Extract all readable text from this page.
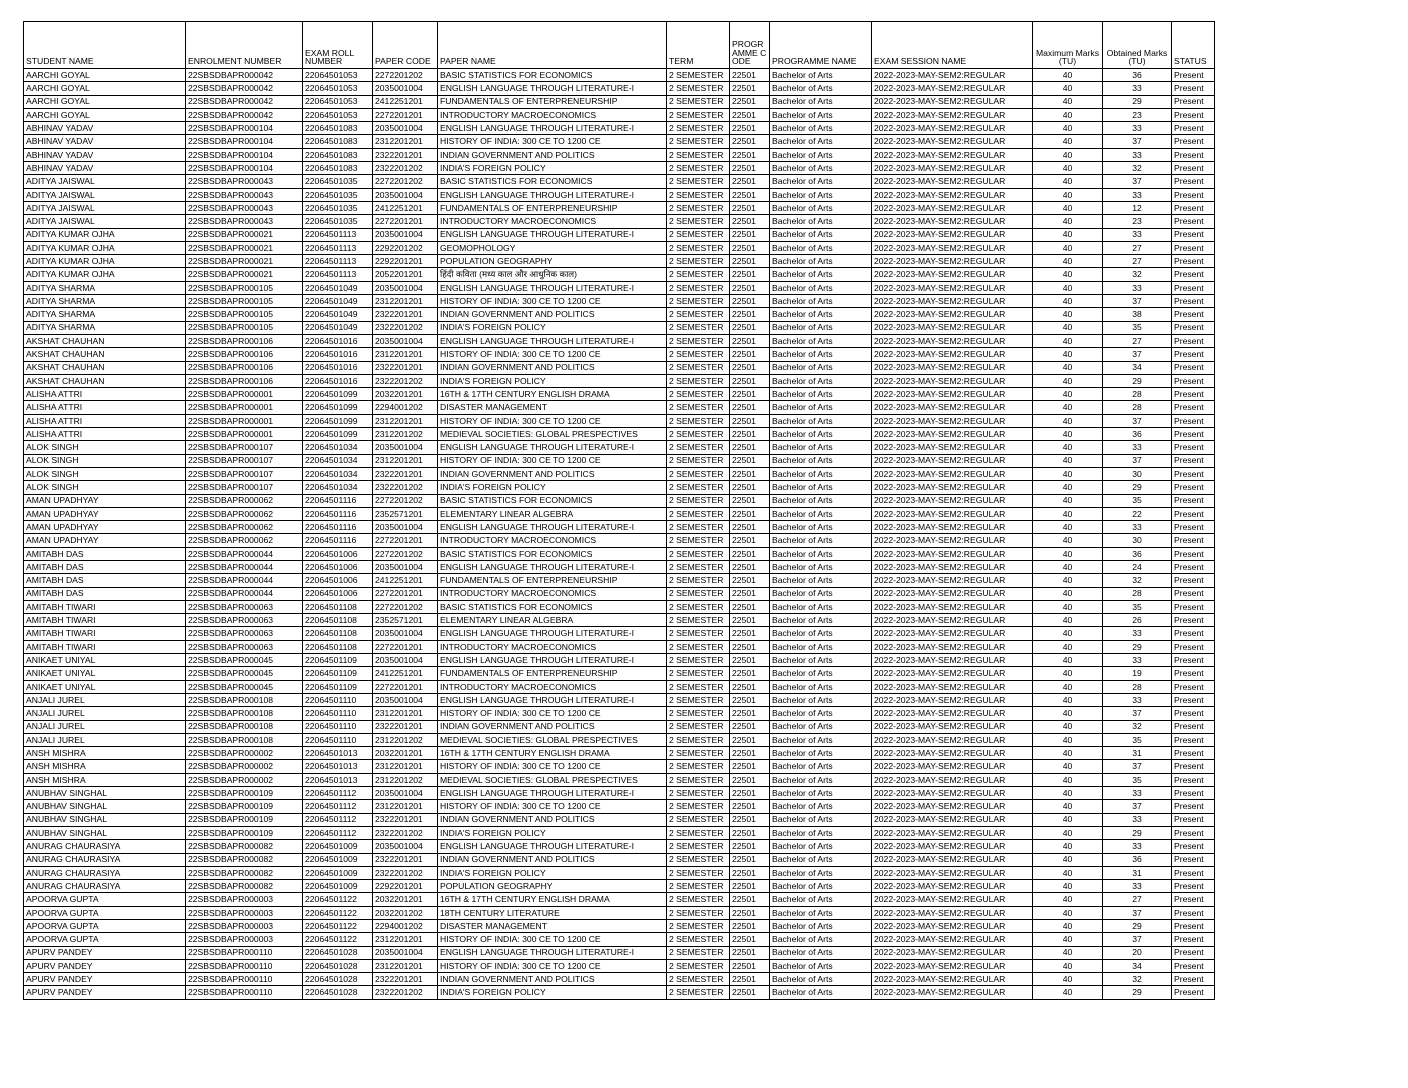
STUDENT NAME	ENROLMENT NUMBER	EXAM ROLL NUMBER	PAPER CODE	PAPER NAME	TERM	PROGR AMME CODE	PROGRAMME NAME	EXAM SESSION NAME	Maximum Marks (TU)	Obtained Marks (TU)	STATUS
AARCHI GOYAL	22SBSDBAPR000042	22064501053	2272201202	BASIC STATISTICS FOR ECONOMICS	2 SEMESTER	22501	Bachelor of Arts	2022-2023-MAY-SEM2:REGULAR	40	36	Present
AARCHI GOYAL	22SBSDBAPR000042	22064501053	2035001004	ENGLISH LANGUAGE THROUGH LITERATURE-I	2 SEMESTER	22501	Bachelor of Arts	2022-2023-MAY-SEM2:REGULAR	40	33	Present
AARCHI GOYAL	22SBSDBAPR000042	22064501053	2412251201	FUNDAMENTALS OF ENTERPRENEURSHIP	2 SEMESTER	22501	Bachelor of Arts	2022-2023-MAY-SEM2:REGULAR	40	29	Present
AARCHI GOYAL	22SBSDBAPR000042	22064501053	2272201201	INTRODUCTORY MACROECONOMICS	2 SEMESTER	22501	Bachelor of Arts	2022-2023-MAY-SEM2:REGULAR	40	23	Present
ABHINAV YADAV	22SBSDBAPR000104	22064501083	2035001004	ENGLISH LANGUAGE THROUGH LITERATURE-I	2 SEMESTER	22501	Bachelor of Arts	2022-2023-MAY-SEM2:REGULAR	40	33	Present
ABHINAV YADAV	22SBSDBAPR000104	22064501083	2312201201	HISTORY OF INDIA: 300 CE TO 1200 CE	2 SEMESTER	22501	Bachelor of Arts	2022-2023-MAY-SEM2:REGULAR	40	37	Present
ABHINAV YADAV	22SBSDBAPR000104	22064501083	2322201201	INDIAN GOVERNMENT AND POLITICS	2 SEMESTER	22501	Bachelor of Arts	2022-2023-MAY-SEM2:REGULAR	40	33	Present
ABHINAV YADAV	22SBSDBAPR000104	22064501083	2322201202	INDIA'S FOREIGN POLICY	2 SEMESTER	22501	Bachelor of Arts	2022-2023-MAY-SEM2:REGULAR	40	32	Present
ADITYA JAISWAL	22SBSDBAPR000043	22064501035	2272201202	BASIC STATISTICS FOR ECONOMICS	2 SEMESTER	22501	Bachelor of Arts	2022-2023-MAY-SEM2:REGULAR	40	37	Present
ADITYA JAISWAL	22SBSDBAPR000043	22064501035	2035001004	ENGLISH LANGUAGE THROUGH LITERATURE-I	2 SEMESTER	22501	Bachelor of Arts	2022-2023-MAY-SEM2:REGULAR	40	33	Present
ADITYA JAISWAL	22SBSDBAPR000043	22064501035	2412251201	FUNDAMENTALS OF ENTERPRENEURSHIP	2 SEMESTER	22501	Bachelor of Arts	2022-2023-MAY-SEM2:REGULAR	40	12	Present
ADITYA JAISWAL	22SBSDBAPR000043	22064501035	2272201201	INTRODUCTORY MACROECONOMICS	2 SEMESTER	22501	Bachelor of Arts	2022-2023-MAY-SEM2:REGULAR	40	23	Present
ADITYA KUMAR OJHA	22SBSDBAPR000021	22064501113	2035001004	ENGLISH LANGUAGE THROUGH LITERATURE-I	2 SEMESTER	22501	Bachelor of Arts	2022-2023-MAY-SEM2:REGULAR	40	33	Present
ADITYA KUMAR OJHA	22SBSDBAPR000021	22064501113	2292201202	GEOMOPHOLOGY	2 SEMESTER	22501	Bachelor of Arts	2022-2023-MAY-SEM2:REGULAR	40	27	Present
ADITYA KUMAR OJHA	22SBSDBAPR000021	22064501113	2292201201	POPULATION GEOGRAPHY	2 SEMESTER	22501	Bachelor of Arts	2022-2023-MAY-SEM2:REGULAR	40	27	Present
ADITYA KUMAR OJHA	22SBSDBAPR000021	22064501113	2052201201	हिंदी कविता (मध्य काल और आधुनिक काल)	2 SEMESTER	22501	Bachelor of Arts	2022-2023-MAY-SEM2:REGULAR	40	32	Present
ADITYA SHARMA	22SBSDBAPR000105	22064501049	2035001004	ENGLISH LANGUAGE THROUGH LITERATURE-I	2 SEMESTER	22501	Bachelor of Arts	2022-2023-MAY-SEM2:REGULAR	40	33	Present
ADITYA SHARMA	22SBSDBAPR000105	22064501049	2312201201	HISTORY OF INDIA: 300 CE TO 1200 CE	2 SEMESTER	22501	Bachelor of Arts	2022-2023-MAY-SEM2:REGULAR	40	37	Present
ADITYA SHARMA	22SBSDBAPR000105	22064501049	2322201201	INDIAN GOVERNMENT AND POLITICS	2 SEMESTER	22501	Bachelor of Arts	2022-2023-MAY-SEM2:REGULAR	40	38	Present
ADITYA SHARMA	22SBSDBAPR000105	22064501049	2322201202	INDIA'S FOREIGN POLICY	2 SEMESTER	22501	Bachelor of Arts	2022-2023-MAY-SEM2:REGULAR	40	35	Present
AKSHAT CHAUHAN	22SBSDBAPR000106	22064501016	2035001004	ENGLISH LANGUAGE THROUGH LITERATURE-I	2 SEMESTER	22501	Bachelor of Arts	2022-2023-MAY-SEM2:REGULAR	40	27	Present
AKSHAT CHAUHAN	22SBSDBAPR000106	22064501016	2312201201	HISTORY OF INDIA: 300 CE TO 1200 CE	2 SEMESTER	22501	Bachelor of Arts	2022-2023-MAY-SEM2:REGULAR	40	37	Present
AKSHAT CHAUHAN	22SBSDBAPR000106	22064501016	2322201201	INDIAN GOVERNMENT AND POLITICS	2 SEMESTER	22501	Bachelor of Arts	2022-2023-MAY-SEM2:REGULAR	40	34	Present
AKSHAT CHAUHAN	22SBSDBAPR000106	22064501016	2322201202	INDIA'S FOREIGN POLICY	2 SEMESTER	22501	Bachelor of Arts	2022-2023-MAY-SEM2:REGULAR	40	29	Present
ALISHA ATTRI	22SBSDBAPR000001	22064501099	2032201201	16TH & 17TH CENTURY ENGLISH DRAMA	2 SEMESTER	22501	Bachelor of Arts	2022-2023-MAY-SEM2:REGULAR	40	28	Present
ALISHA ATTRI	22SBSDBAPR000001	22064501099	2294001202	DISASTER MANAGEMENT	2 SEMESTER	22501	Bachelor of Arts	2022-2023-MAY-SEM2:REGULAR	40	28	Present
ALISHA ATTRI	22SBSDBAPR000001	22064501099	2312201201	HISTORY OF INDIA: 300 CE TO 1200 CE	2 SEMESTER	22501	Bachelor of Arts	2022-2023-MAY-SEM2:REGULAR	40	37	Present
ALISHA ATTRI	22SBSDBAPR000001	22064501099	2312201202	MEDIEVAL SOCIETIES: GLOBAL PRESPECTIVES	2 SEMESTER	22501	Bachelor of Arts	2022-2023-MAY-SEM2:REGULAR	40	36	Present
ALOK SINGH	22SBSDBAPR000107	22064501034	2035001004	ENGLISH LANGUAGE THROUGH LITERATURE-I	2 SEMESTER	22501	Bachelor of Arts	2022-2023-MAY-SEM2:REGULAR	40	33	Present
ALOK SINGH	22SBSDBAPR000107	22064501034	2312201201	HISTORY OF INDIA: 300 CE TO 1200 CE	2 SEMESTER	22501	Bachelor of Arts	2022-2023-MAY-SEM2:REGULAR	40	37	Present
ALOK SINGH	22SBSDBAPR000107	22064501034	2322201201	INDIAN GOVERNMENT AND POLITICS	2 SEMESTER	22501	Bachelor of Arts	2022-2023-MAY-SEM2:REGULAR	40	30	Present
ALOK SINGH	22SBSDBAPR000107	22064501034	2322201202	INDIA'S FOREIGN POLICY	2 SEMESTER	22501	Bachelor of Arts	2022-2023-MAY-SEM2:REGULAR	40	29	Present
AMAN UPADHYAY	22SBSDBAPR000062	22064501116	2272201202	BASIC STATISTICS FOR ECONOMICS	2 SEMESTER	22501	Bachelor of Arts	2022-2023-MAY-SEM2:REGULAR	40	35	Present
AMAN UPADHYAY	22SBSDBAPR000062	22064501116	2352571201	ELEMENTARY LINEAR ALGEBRA	2 SEMESTER	22501	Bachelor of Arts	2022-2023-MAY-SEM2:REGULAR	40	22	Present
AMAN UPADHYAY	22SBSDBAPR000062	22064501116	2035001004	ENGLISH LANGUAGE THROUGH LITERATURE-I	2 SEMESTER	22501	Bachelor of Arts	2022-2023-MAY-SEM2:REGULAR	40	33	Present
AMAN UPADHYAY	22SBSDBAPR000062	22064501116	2272201201	INTRODUCTORY MACROECONOMICS	2 SEMESTER	22501	Bachelor of Arts	2022-2023-MAY-SEM2:REGULAR	40	30	Present
AMITABH DAS	22SBSDBAPR000044	22064501006	2272201202	BASIC STATISTICS FOR ECONOMICS	2 SEMESTER	22501	Bachelor of Arts	2022-2023-MAY-SEM2:REGULAR	40	36	Present
AMITABH DAS	22SBSDBAPR000044	22064501006	2035001004	ENGLISH LANGUAGE THROUGH LITERATURE-I	2 SEMESTER	22501	Bachelor of Arts	2022-2023-MAY-SEM2:REGULAR	40	24	Present
AMITABH DAS	22SBSDBAPR000044	22064501006	2412251201	FUNDAMENTALS OF ENTERPRENEURSHIP	2 SEMESTER	22501	Bachelor of Arts	2022-2023-MAY-SEM2:REGULAR	40	32	Present
AMITABH DAS	22SBSDBAPR000044	22064501006	2272201201	INTRODUCTORY MACROECONOMICS	2 SEMESTER	22501	Bachelor of Arts	2022-2023-MAY-SEM2:REGULAR	40	28	Present
AMITABH TIWARI	22SBSDBAPR000063	22064501108	2272201202	BASIC STATISTICS FOR ECONOMICS	2 SEMESTER	22501	Bachelor of Arts	2022-2023-MAY-SEM2:REGULAR	40	35	Present
AMITABH TIWARI	22SBSDBAPR000063	22064501108	2352571201	ELEMENTARY LINEAR ALGEBRA	2 SEMESTER	22501	Bachelor of Arts	2022-2023-MAY-SEM2:REGULAR	40	26	Present
AMITABH TIWARI	22SBSDBAPR000063	22064501108	2035001004	ENGLISH LANGUAGE THROUGH LITERATURE-I	2 SEMESTER	22501	Bachelor of Arts	2022-2023-MAY-SEM2:REGULAR	40	33	Present
AMITABH TIWARI	22SBSDBAPR000063	22064501108	2272201201	INTRODUCTORY MACROECONOMICS	2 SEMESTER	22501	Bachelor of Arts	2022-2023-MAY-SEM2:REGULAR	40	29	Present
ANIKAET UNIYAL	22SBSDBAPR000045	22064501109	2035001004	ENGLISH LANGUAGE THROUGH LITERATURE-I	2 SEMESTER	22501	Bachelor of Arts	2022-2023-MAY-SEM2:REGULAR	40	33	Present
ANIKAET UNIYAL	22SBSDBAPR000045	22064501109	2412251201	FUNDAMENTALS OF ENTERPRENEURSHIP	2 SEMESTER	22501	Bachelor of Arts	2022-2023-MAY-SEM2:REGULAR	40	19	Present
ANIKAET UNIYAL	22SBSDBAPR000045	22064501109	2272201201	INTRODUCTORY MACROECONOMICS	2 SEMESTER	22501	Bachelor of Arts	2022-2023-MAY-SEM2:REGULAR	40	28	Present
ANJALI JUREL	22SBSDBAPR000108	22064501110	2035001004	ENGLISH LANGUAGE THROUGH LITERATURE-I	2 SEMESTER	22501	Bachelor of Arts	2022-2023-MAY-SEM2:REGULAR	40	33	Present
ANJALI JUREL	22SBSDBAPR000108	22064501110	2312201201	HISTORY OF INDIA: 300 CE TO 1200 CE	2 SEMESTER	22501	Bachelor of Arts	2022-2023-MAY-SEM2:REGULAR	40	37	Present
ANJALI JUREL	22SBSDBAPR000108	22064501110	2322201201	INDIAN GOVERNMENT AND POLITICS	2 SEMESTER	22501	Bachelor of Arts	2022-2023-MAY-SEM2:REGULAR	40	32	Present
ANJALI JUREL	22SBSDBAPR000108	22064501110	2312201202	MEDIEVAL SOCIETIES: GLOBAL PRESPECTIVES	2 SEMESTER	22501	Bachelor of Arts	2022-2023-MAY-SEM2:REGULAR	40	35	Present
ANSH MISHRA	22SBSDBAPR000002	22064501013	2032201201	16TH & 17TH CENTURY ENGLISH DRAMA	2 SEMESTER	22501	Bachelor of Arts	2022-2023-MAY-SEM2:REGULAR	40	31	Present
ANSH MISHRA	22SBSDBAPR000002	22064501013	2312201201	HISTORY OF INDIA: 300 CE TO 1200 CE	2 SEMESTER	22501	Bachelor of Arts	2022-2023-MAY-SEM2:REGULAR	40	37	Present
ANSH MISHRA	22SBSDBAPR000002	22064501013	2312201202	MEDIEVAL SOCIETIES: GLOBAL PRESPECTIVES	2 SEMESTER	22501	Bachelor of Arts	2022-2023-MAY-SEM2:REGULAR	40	35	Present
ANUBHAV SINGHAL	22SBSDBAPR000109	22064501112	2035001004	ENGLISH LANGUAGE THROUGH LITERATURE-I	2 SEMESTER	22501	Bachelor of Arts	2022-2023-MAY-SEM2:REGULAR	40	33	Present
ANUBHAV SINGHAL	22SBSDBAPR000109	22064501112	2312201201	HISTORY OF INDIA: 300 CE TO 1200 CE	2 SEMESTER	22501	Bachelor of Arts	2022-2023-MAY-SEM2:REGULAR	40	37	Present
ANUBHAV SINGHAL	22SBSDBAPR000109	22064501112	2322201201	INDIAN GOVERNMENT AND POLITICS	2 SEMESTER	22501	Bachelor of Arts	2022-2023-MAY-SEM2:REGULAR	40	33	Present
ANUBHAV SINGHAL	22SBSDBAPR000109	22064501112	2322201202	INDIA'S FOREIGN POLICY	2 SEMESTER	22501	Bachelor of Arts	2022-2023-MAY-SEM2:REGULAR	40	29	Present
ANURAG CHAURASIYA	22SBSDBAPR000082	22064501009	2035001004	ENGLISH LANGUAGE THROUGH LITERATURE-I	2 SEMESTER	22501	Bachelor of Arts	2022-2023-MAY-SEM2:REGULAR	40	33	Present
ANURAG CHAURASIYA	22SBSDBAPR000082	22064501009	2322201201	INDIAN GOVERNMENT AND POLITICS	2 SEMESTER	22501	Bachelor of Arts	2022-2023-MAY-SEM2:REGULAR	40	36	Present
ANURAG CHAURASIYA	22SBSDBAPR000082	22064501009	2322201202	INDIA'S FOREIGN POLICY	2 SEMESTER	22501	Bachelor of Arts	2022-2023-MAY-SEM2:REGULAR	40	31	Present
ANURAG CHAURASIYA	22SBSDBAPR000082	22064501009	2292201201	POPULATION GEOGRAPHY	2 SEMESTER	22501	Bachelor of Arts	2022-2023-MAY-SEM2:REGULAR	40	33	Present
APOORVA GUPTA	22SBSDBAPR000003	22064501122	2032201201	16TH & 17TH CENTURY ENGLISH DRAMA	2 SEMESTER	22501	Bachelor of Arts	2022-2023-MAY-SEM2:REGULAR	40	27	Present
APOORVA GUPTA	22SBSDBAPR000003	22064501122	2032201202	18TH CENTURY LITERATURE	2 SEMESTER	22501	Bachelor of Arts	2022-2023-MAY-SEM2:REGULAR	40	37	Present
APOORVA GUPTA	22SBSDBAPR000003	22064501122	2294001202	DISASTER MANAGEMENT	2 SEMESTER	22501	Bachelor of Arts	2022-2023-MAY-SEM2:REGULAR	40	29	Present
APOORVA GUPTA	22SBSDBAPR000003	22064501122	2312201201	HISTORY OF INDIA: 300 CE TO 1200 CE	2 SEMESTER	22501	Bachelor of Arts	2022-2023-MAY-SEM2:REGULAR	40	37	Present
APURV PANDEY	22SBSDBAPR000110	22064501028	2035001004	ENGLISH LANGUAGE THROUGH LITERATURE-I	2 SEMESTER	22501	Bachelor of Arts	2022-2023-MAY-SEM2:REGULAR	40	20	Present
APURV PANDEY	22SBSDBAPR000110	22064501028	2312201201	HISTORY OF INDIA: 300 CE TO 1200 CE	2 SEMESTER	22501	Bachelor of Arts	2022-2023-MAY-SEM2:REGULAR	40	34	Present
APURV PANDEY	22SBSDBAPR000110	22064501028	2322201201	INDIAN GOVERNMENT AND POLITICS	2 SEMESTER	22501	Bachelor of Arts	2022-2023-MAY-SEM2:REGULAR	40	32	Present
APURV PANDEY	22SBSDBAPR000110	22064501028	2322201202	INDIA'S FOREIGN POLICY	2 SEMESTER	22501	Bachelor of Arts	2022-2023-MAY-SEM2:REGULAR	40	29	Present
